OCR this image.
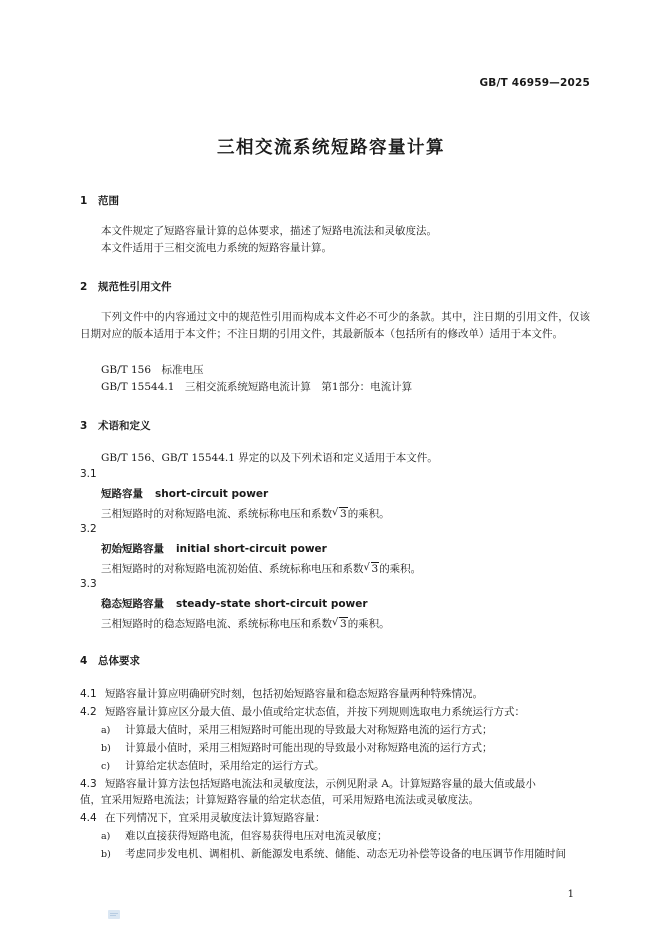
GB/T 46959—2025
三相交流系统短路容量计算
1 范围
本文件规定了短路容量计算的总体要求，描述了短路电流法和灵敏度法。
本文件适用于三相交流电力系统的短路容量计算。
2 规范性引用文件
下列文件中的内容通过文中的规范性引用而构成本文件必不可少的条款。其中，注日期的引用文件，仅该日期对应的版本适用于本文件；不注日期的引用文件，其最新版本（包括所有的修改单）适用于本文件。
GB/T 156　标准电压
GB/T 15544.1　三相交流系统短路电流计算　第1部分：电流计算
3 术语和定义
GB/T 156、GB/T 15544.1 界定的以及下列术语和定义适用于本文件。
3.1
短路容量 short-circuit power
三相短路时的对称短路电流、系统标称电压和系数 √ 3的乘积。
3.2
初始短路容量 initial short-circuit power
三相短路时的对称短路电流初始值、系统标称电压和系数 √ 3的乘积。
3.3
稳态短路容量 steady-state short-circuit power
三相短路时的稳态短路电流、系统标称电压和系数 √ 3的乘积。
4 总体要求
4.1 短路容量计算应明确研究时刻，包括初始短路容量和稳态短路容量两种特殊情况。
4.2 短路容量计算应区分最大值、最小值或给定状态值，并按下列规则选取电力系统运行方式：
a) 计算最大值时，采用三相短路时可能出现的导致最大对称短路电流的运行方式；
b) 计算最小值时，采用三相短路时可能出现的导致最小对称短路电流的运行方式；
c) 计算给定状态值时，采用给定的运行方式。
4.3 短路容量计算方法包括短路电流法和灵敏度法，示例见附录 A。计算短路容量的最大值或最小
值，宜采用短路电流法；计算短路容量的给定状态值，可采用短路电流法或灵敏度法。
4.4 在下列情况下，宜采用灵敏度法计算短路容量：
a) 难以直接获得短路电流，但容易获得电压对电流灵敏度；
b) 考虑同步发电机、调相机、新能源发电系统、储能、动态无功补偿等设备的电压调节作用随时间
1
